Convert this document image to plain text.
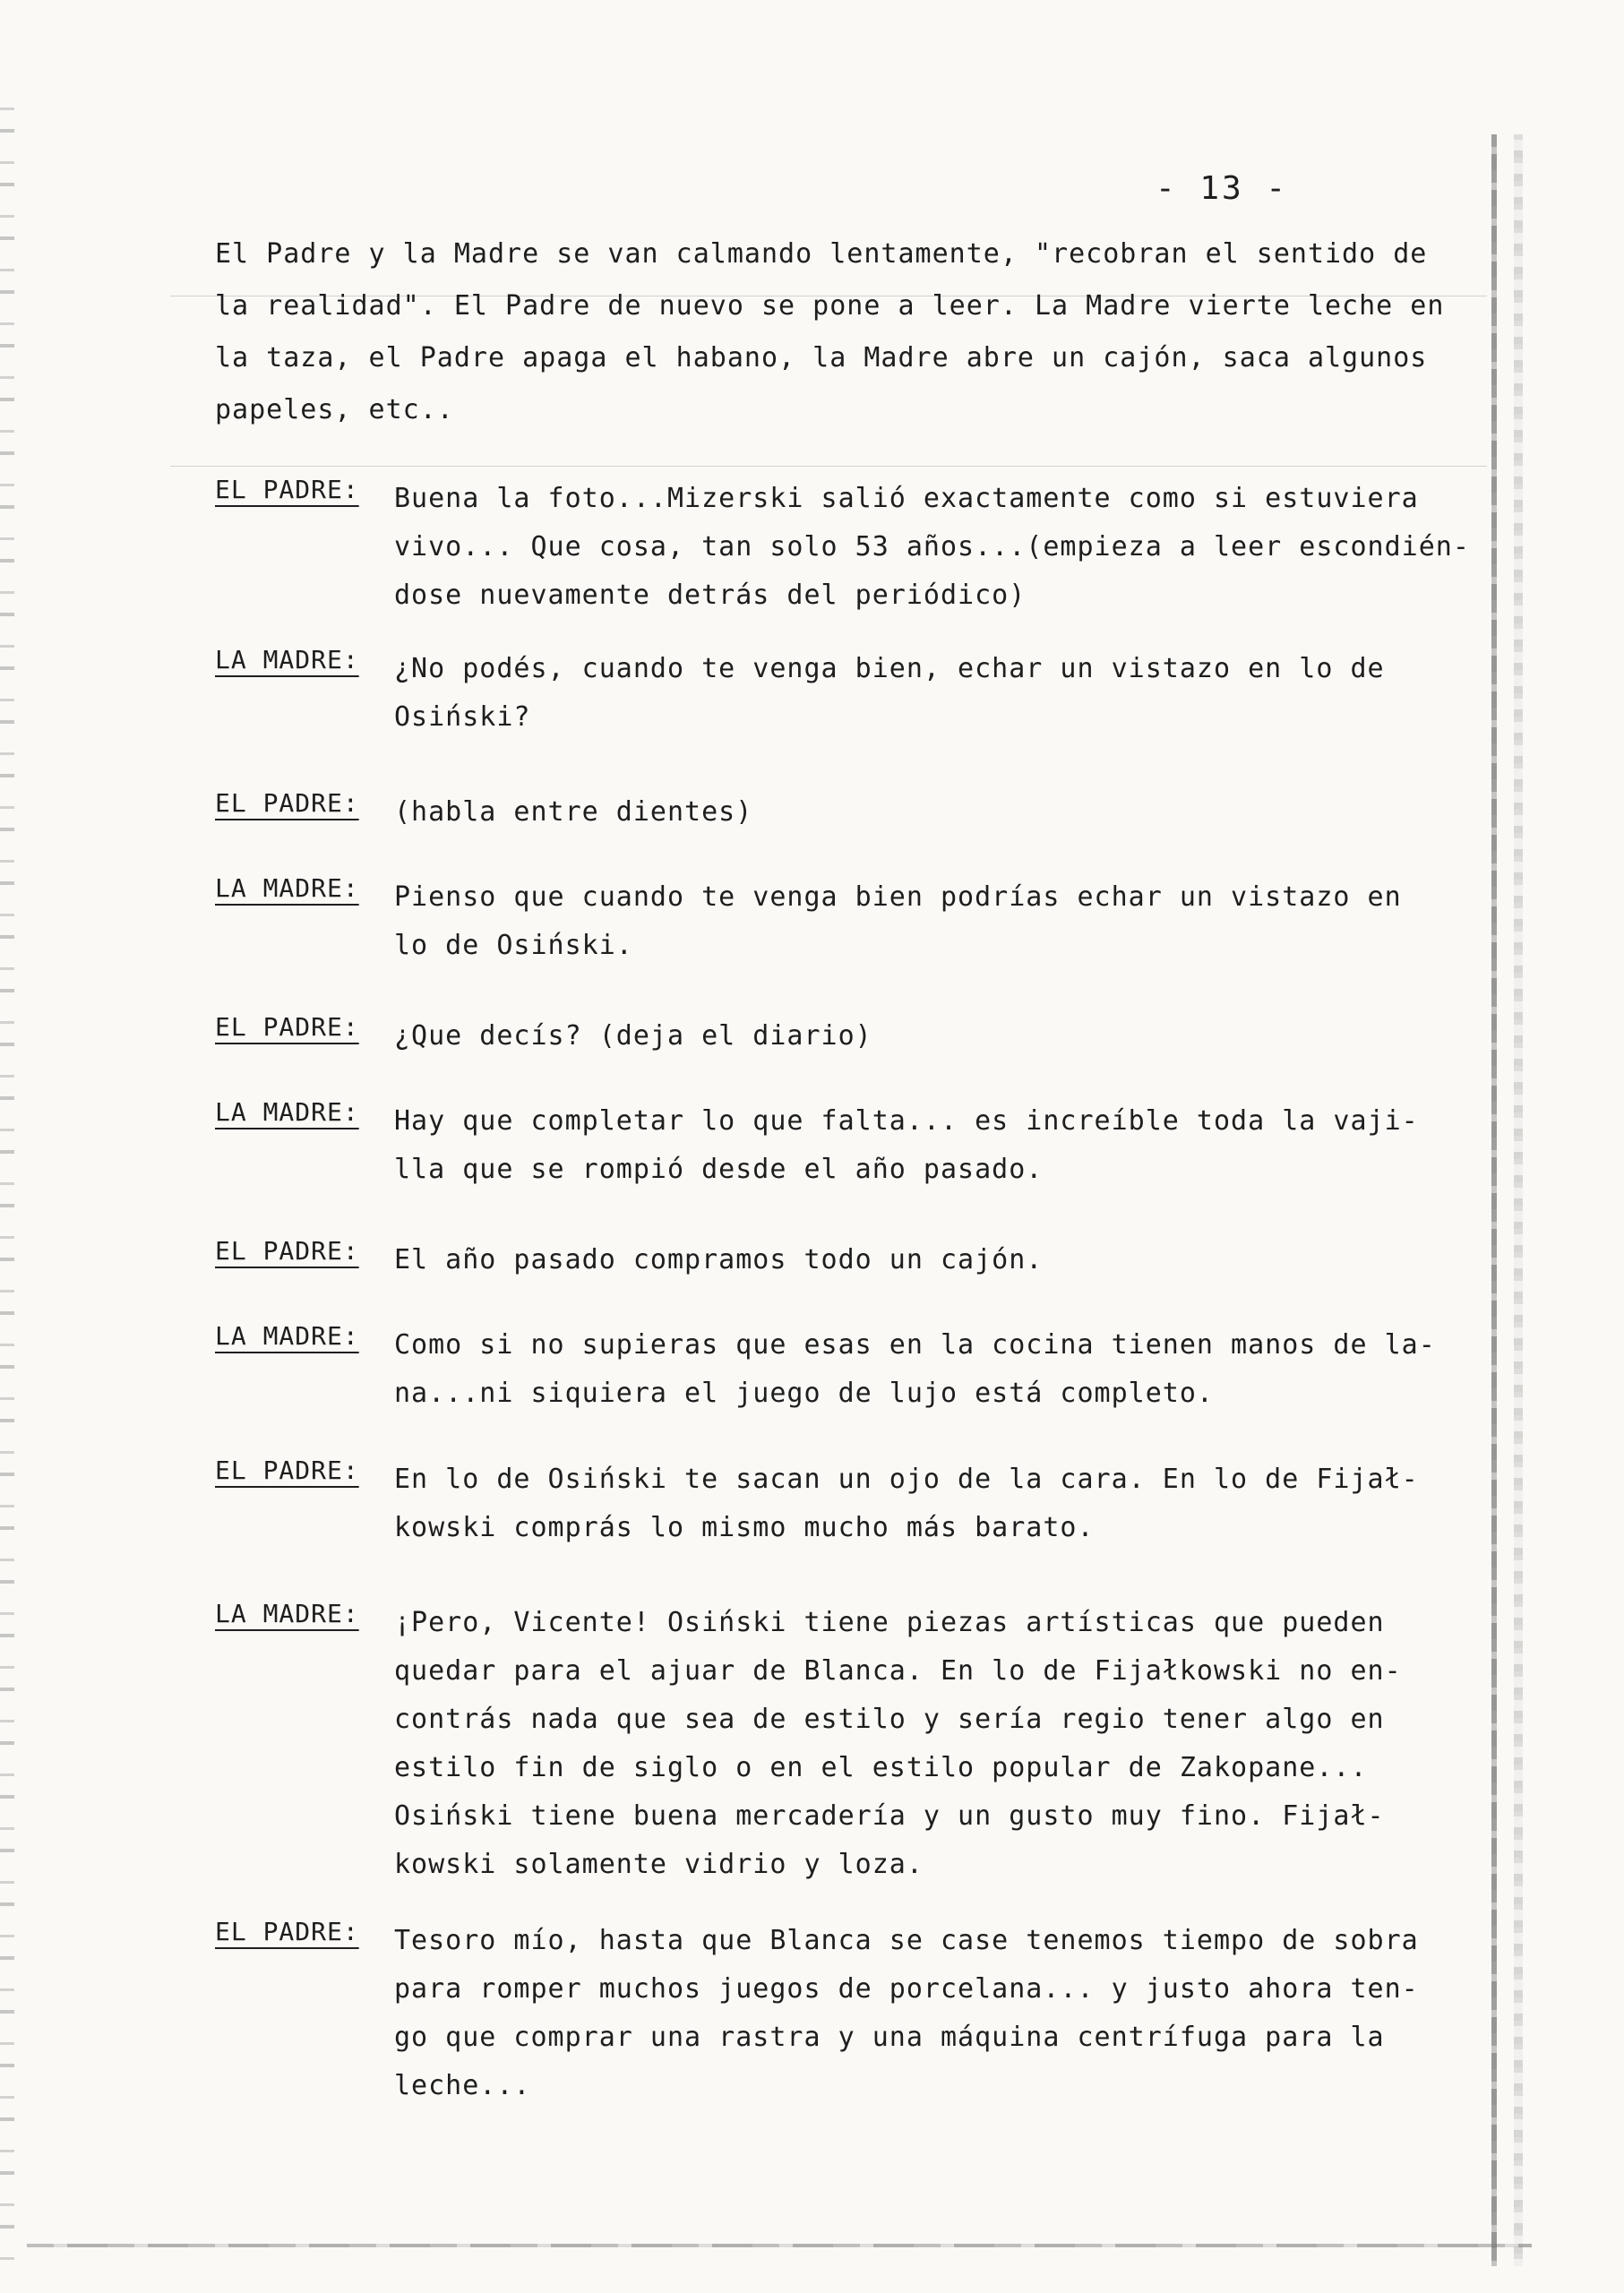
- 13 -
El Padre y la Madre se van calmando lentamente, "recobran el sentido de
la realidad". El Padre de nuevo se pone a leer. La Madre vierte leche en
la taza, el Padre apaga el habano, la Madre abre un cajón, saca algunos
papeles, etc..
EL PADRE:	Buena la foto...Mizerski salió exactamente como si estuviera
vivo... Que cosa, tan solo 53 años...(empieza a leer escondién-
dose nuevamente detrás del periódico)
LA MADRE:	¿No podés, cuando te venga bien, echar un vistazo en lo de
Osiński?
EL PADRE:	(habla entre dientes)
LA MADRE:	Pienso que cuando te venga bien podrías echar un vistazo en
lo de Osiński.
EL PADRE:	¿Que decís? (deja el diario)
LA MADRE:	Hay que completar lo que falta... es increíble toda la vaji-
lla que se rompió desde el año pasado.
EL PADRE:	El año pasado compramos todo un cajón.
LA MADRE:	Como si no supieras que esas en la cocina tienen manos de la-
na...ni siquiera el juego de lujo está completo.
EL PADRE:	En lo de Osiński te sacan un ojo de la cara. En lo de Fijał-
kowski comprás lo mismo mucho más barato.
LA MADRE:	¡Pero, Vicente! Osiński tiene piezas artísticas que pueden
quedar para el ajuar de Blanca. En lo de Fijałkowski no en-
contrás nada que sea de estilo y sería regio tener algo en
estilo fin de siglo o en el estilo popular de Zakopane...
Osiński tiene buena mercadería y un gusto muy fino. Fijał-
kowski solamente vidrio y loza.
EL PADRE:	Tesoro mío, hasta que Blanca se case tenemos tiempo de sobra
para romper muchos juegos de porcelana... y justo ahora ten-
go que comprar una rastra y una máquina centrífuga para la
leche...
